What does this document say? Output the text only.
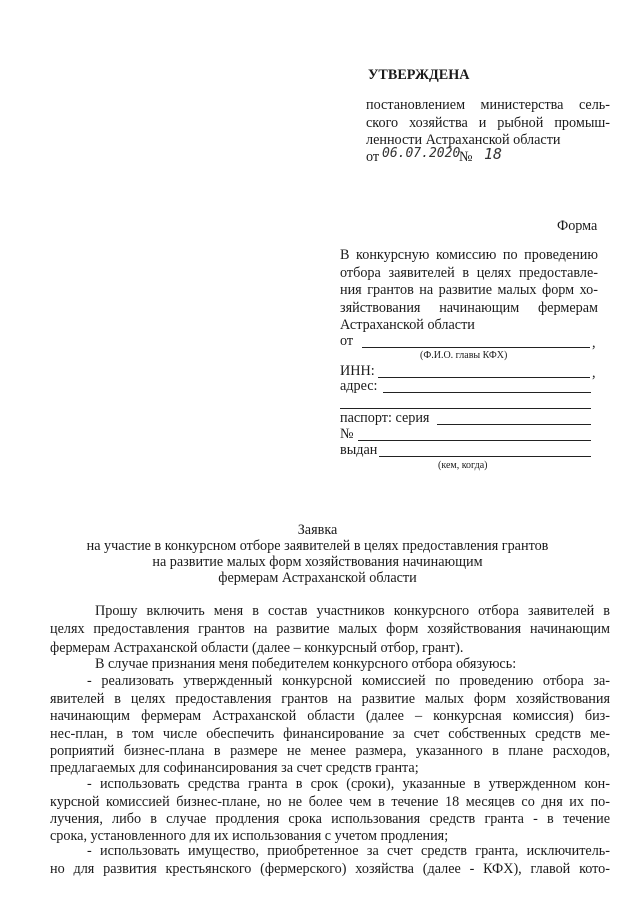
УТВЕРЖДЕНА
постановлением министерства сель-
ского хозяйства и рыбной промыш-
ленности Астраханской области
от 06.07.2020
№ 18
Форма
В конкурсную комиссию по проведению
отбора заявителей в целях предоставле-
ния грантов на развитие малых форм хо-
зяйствования начинающим фермерам
Астраханской области
от	,
(Ф.И.О. главы КФХ)
ИНН:	,
адрес:
паспорт: серия
№
выдан
(кем, когда)
Заявка
на участие в конкурсном отборе заявителей в целях предоставления грантов
на развитие малых форм хозяйствования начинающим
фермерам Астраханской области
Прошу включить меня в состав участников конкурсного отбора заявителей в
целях предоставления грантов на развитие малых форм хозяйствования начинающим
фермерам Астраханской области (далее – конкурсный отбор, грант).
В случае признания меня победителем конкурсного отбора обязуюсь:
- реализовать утвержденный конкурсной комиссией по проведению отбора за-
явителей в целях предоставления грантов на развитие малых форм хозяйствования
начинающим фермерам Астраханской области (далее – конкурсная комиссия) биз-
нес-план, в том числе обеспечить финансирование за счет собственных средств ме-
роприятий бизнес-плана в размере не менее размера, указанного в плане расходов,
предлагаемых для софинансирования за счет средств гранта;
- использовать средства гранта в срок (сроки), указанные в утвержденном кон-
курсной комиссией бизнес-плане, но не более чем в течение 18 месяцев со дня их по-
лучения, либо в случае продления срока использования средств гранта - в течение
срока, установленного для их использования с учетом продления;
- использовать имущество, приобретенное за счет средств гранта, исключитель-
но для развития крестьянского (фермерского) хозяйства (далее - КФХ), главой кото-
